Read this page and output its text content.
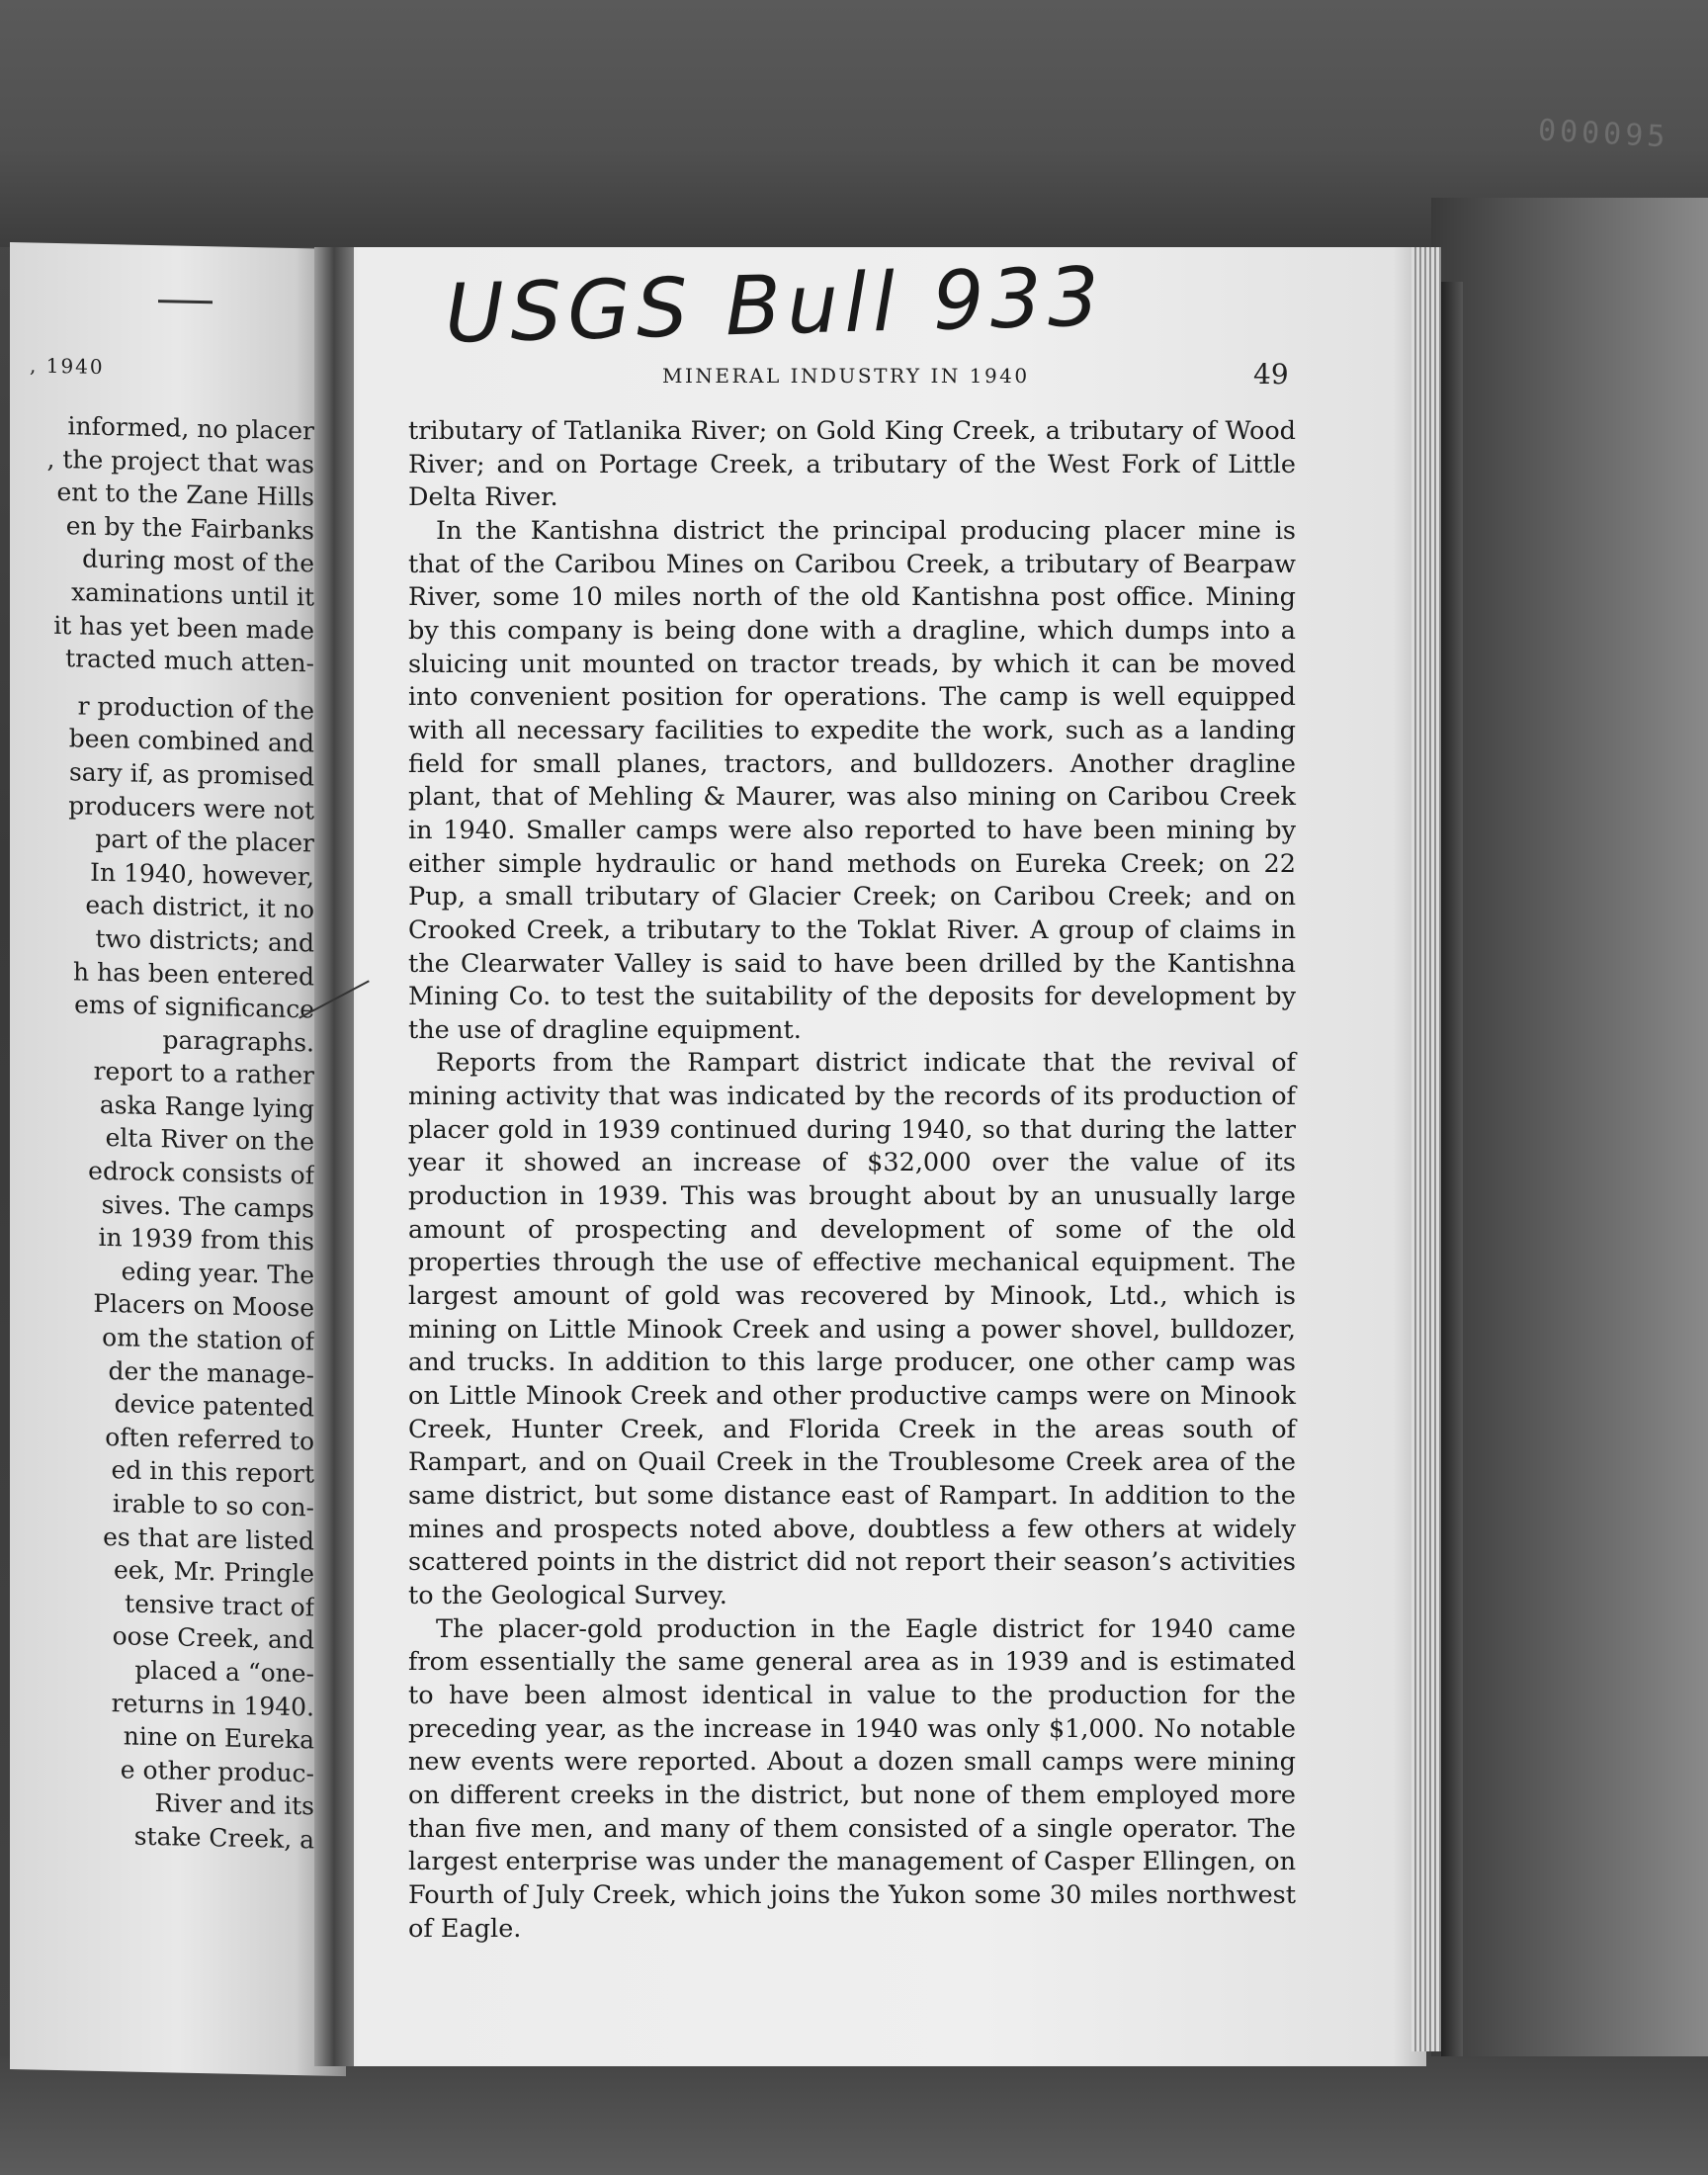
000095
, 1940
informed, no placer
, the project that was
ent to the Zane Hills
en by the Fairbanks
during most of the
xaminations until it
it has yet been made
tracted much atten-
r production of the
been combined and
sary if, as promised
producers were not
part of the placer
In 1940, however,
each district, it no
two districts; and
h has been entered
ems of significance
paragraphs.
report to a rather
aska Range lying
elta River on the
edrock consists of
sives. The camps
in 1939 from this
eding year. The
Placers on Moose
om the station of
der the manage-
device patented
often referred to
ed in this report
irable to so con-
es that are listed
eek, Mr. Pringle
tensive tract of
oose Creek, and
placed a “one-
returns in 1940.
nine on Eureka
e other produc-
River and its
stake Creek, a
USGS Bull 933
MINERAL INDUSTRY IN 1940	49

tributary of Tatlanika River; on Gold King Creek, a tributary of Wood River; and on Portage Creek, a tributary of the West Fork of Little Delta River.

In the Kantishna district the principal producing placer mine is that of the Caribou Mines on Caribou Creek, a tributary of Bearpaw River, some 10 miles north of the old Kantishna post office. Mining by this company is being done with a dragline, which dumps into a sluicing unit mounted on tractor treads, by which it can be moved into convenient position for operations. The camp is well equipped with all necessary facilities to expedite the work, such as a landing field for small planes, tractors, and bulldozers. Another dragline plant, that of Mehling & Maurer, was also mining on Caribou Creek in 1940. Smaller camps were also reported to have been mining by either simple hydraulic or hand methods on Eureka Creek; on 22 Pup, a small tributary of Glacier Creek; on Caribou Creek; and on Crooked Creek, a tributary to the Toklat River. A group of claims in the Clearwater Valley is said to have been drilled by the Kantishna Mining Co. to test the suitability of the deposits for development by the use of dragline equipment.

Reports from the Rampart district indicate that the revival of mining activity that was indicated by the records of its production of placer gold in 1939 continued during 1940, so that during the latter year it showed an increase of $32,000 over the value of its production in 1939. This was brought about by an unusually large amount of prospecting and development of some of the old properties through the use of effective mechanical equipment. The largest amount of gold was recovered by Minook, Ltd., which is mining on Little Minook Creek and using a power shovel, bulldozer, and trucks. In addition to this large producer, one other camp was on Little Minook Creek and other productive camps were on Minook Creek, Hunter Creek, and Florida Creek in the areas south of Rampart, and on Quail Creek in the Troublesome Creek area of the same district, but some distance east of Rampart. In addition to the mines and prospects noted above, doubtless a few others at widely scattered points in the district did not report their season’s activities to the Geological Survey.

The placer-gold production in the Eagle district for 1940 came from essentially the same general area as in 1939 and is estimated to have been almost identical in value to the production for the preceding year, as the increase in 1940 was only $1,000. No notable new events were reported. About a dozen small camps were mining on different creeks in the district, but none of them employed more than five men, and many of them consisted of a single operator. The largest enterprise was under the management of Casper Ellingen, on Fourth of July Creek, which joins the Yukon some 30 miles northwest of Eagle.
